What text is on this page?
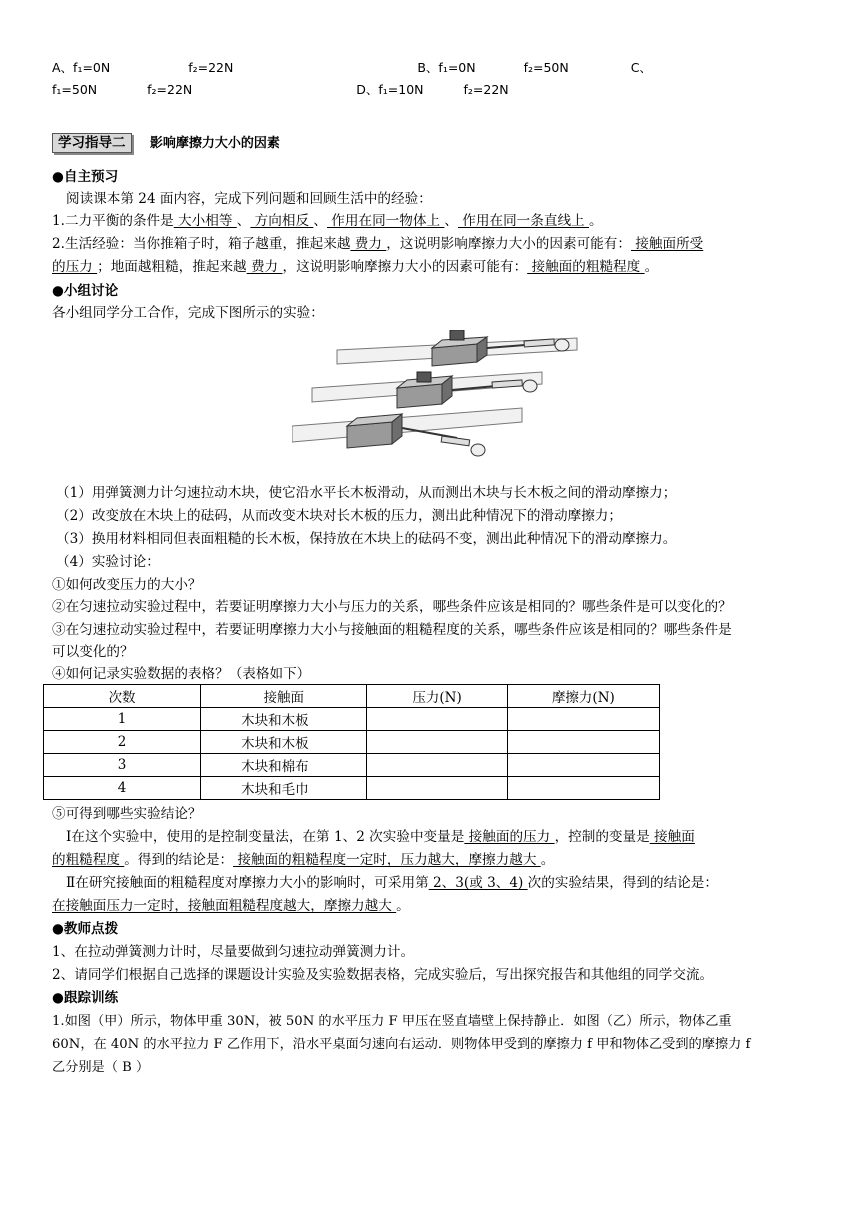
A、f₁=0N	f₂=22N	B、f₁=0N	f₂=50N	C、
f₁=50N	f₂=22N	D、f₁=10N	f₂=22N
学习指导二 影响摩擦力大小的因素
●自主预习
阅读课本第 24 面内容，完成下列问题和回顾生活中的经验：
1.二力平衡的条件是 大小相等 、 方向相反 、 作用在同一物体上 、 作用在同一条直线上 。
2.生活经验：当你推箱子时，箱子越重，推起来越 费力 ，这说明影响摩擦力大小的因素可能有： 接触面所受
的压力 ；地面越粗糙，推起来越 费力 ，这说明影响摩擦力大小的因素可能有： 接触面的粗糙程度 。
●小组讨论
各小组同学分工合作，完成下图所示的实验：
（1）用弹簧测力计匀速拉动木块，使它沿水平长木板滑动，从而测出木块与长木板之间的滑动摩擦力；
（2）改变放在木块上的砝码，从而改变木块对长木板的压力，测出此种情况下的滑动摩擦力；
（3）换用材料相同但表面粗糙的长木板，保持放在木块上的砝码不变，测出此种情况下的滑动摩擦力。
（4）实验讨论：
①如何改变压力的大小？
②在匀速拉动实验过程中，若要证明摩擦力大小与压力的关系，哪些条件应该是相同的？哪些条件是可以变化的？
③在匀速拉动实验过程中，若要证明摩擦力大小与接触面的粗糙程度的关系，哪些条件应该是相同的？哪些条件是
可以变化的？
④如何记录实验数据的表格？（表格如下）
次数	接触面	压力(N)	摩擦力(N)
1	木块和木板		
2	木块和木板		
3	木块和棉布		
4	木块和毛巾		
⑤可得到哪些实验结论？
Ⅰ在这个实验中，使用的是控制变量法，在第 1、2 次实验中变量是 接触面的压力 ，控制的变量是 接触面
的粗糙程度 。得到的结论是： 接触面的粗糙程度一定时，压力越大，摩擦力越大 。
Ⅱ在研究接触面的粗糙程度对摩擦力大小的影响时，可采用第 2、3(或 3、4) 次的实验结果，得到的结论是：
在接触面压力一定时，接触面粗糙程度越大，摩擦力越大 。
●教师点拨
1、在拉动弹簧测力计时，尽量要做到匀速拉动弹簧测力计。
2、请同学们根据自己选择的课题设计实验及实验数据表格，完成实验后，写出探究报告和其他组的同学交流。
●跟踪训练
1.如图（甲）所示，物体甲重 30N，被 50N 的水平压力 F 甲压在竖直墙壁上保持静止．如图（乙）所示，物体乙重
60N，在 40N 的水平拉力 F 乙作用下，沿水平桌面匀速向右运动．则物体甲受到的摩擦力 f 甲和物体乙受到的摩擦力 f
乙分别是（ B ）
